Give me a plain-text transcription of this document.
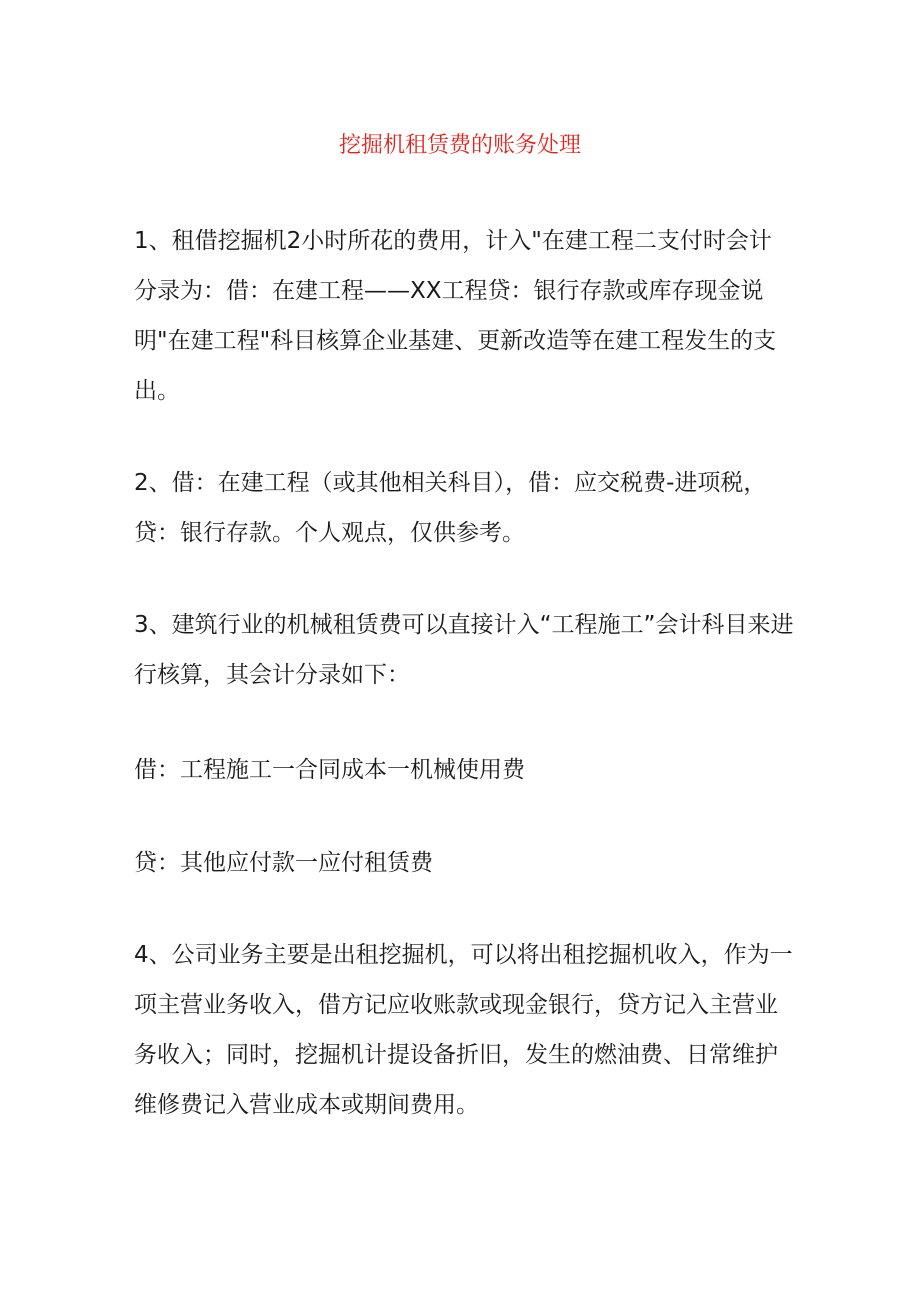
挖掘机租赁费的账务处理

1、租借挖掘机2小时所花的费用，计入"在建工程二支付时会计分录为：借：在建工程——XX工程贷：银行存款或库存现金说明"在建工程"科目核算企业基建、更新改造等在建工程发生的支出。

2、借：在建工程（或其他相关科目），借：应交税费-进项税，贷：银行存款。个人观点，仅供参考。

3、建筑行业的机械租赁费可以直接计入“工程施工”会计科目来进行核算，其会计分录如下：

借：工程施工一合同成本一机械使用费

贷：其他应付款一应付租赁费

4、公司业务主要是出租挖掘机，可以将出租挖掘机收入，作为一项主营业务收入，借方记应收账款或现金银行，贷方记入主营业务收入；同时，挖掘机计提设备折旧，发生的燃油费、日常维护维修费记入营业成本或期间费用。
